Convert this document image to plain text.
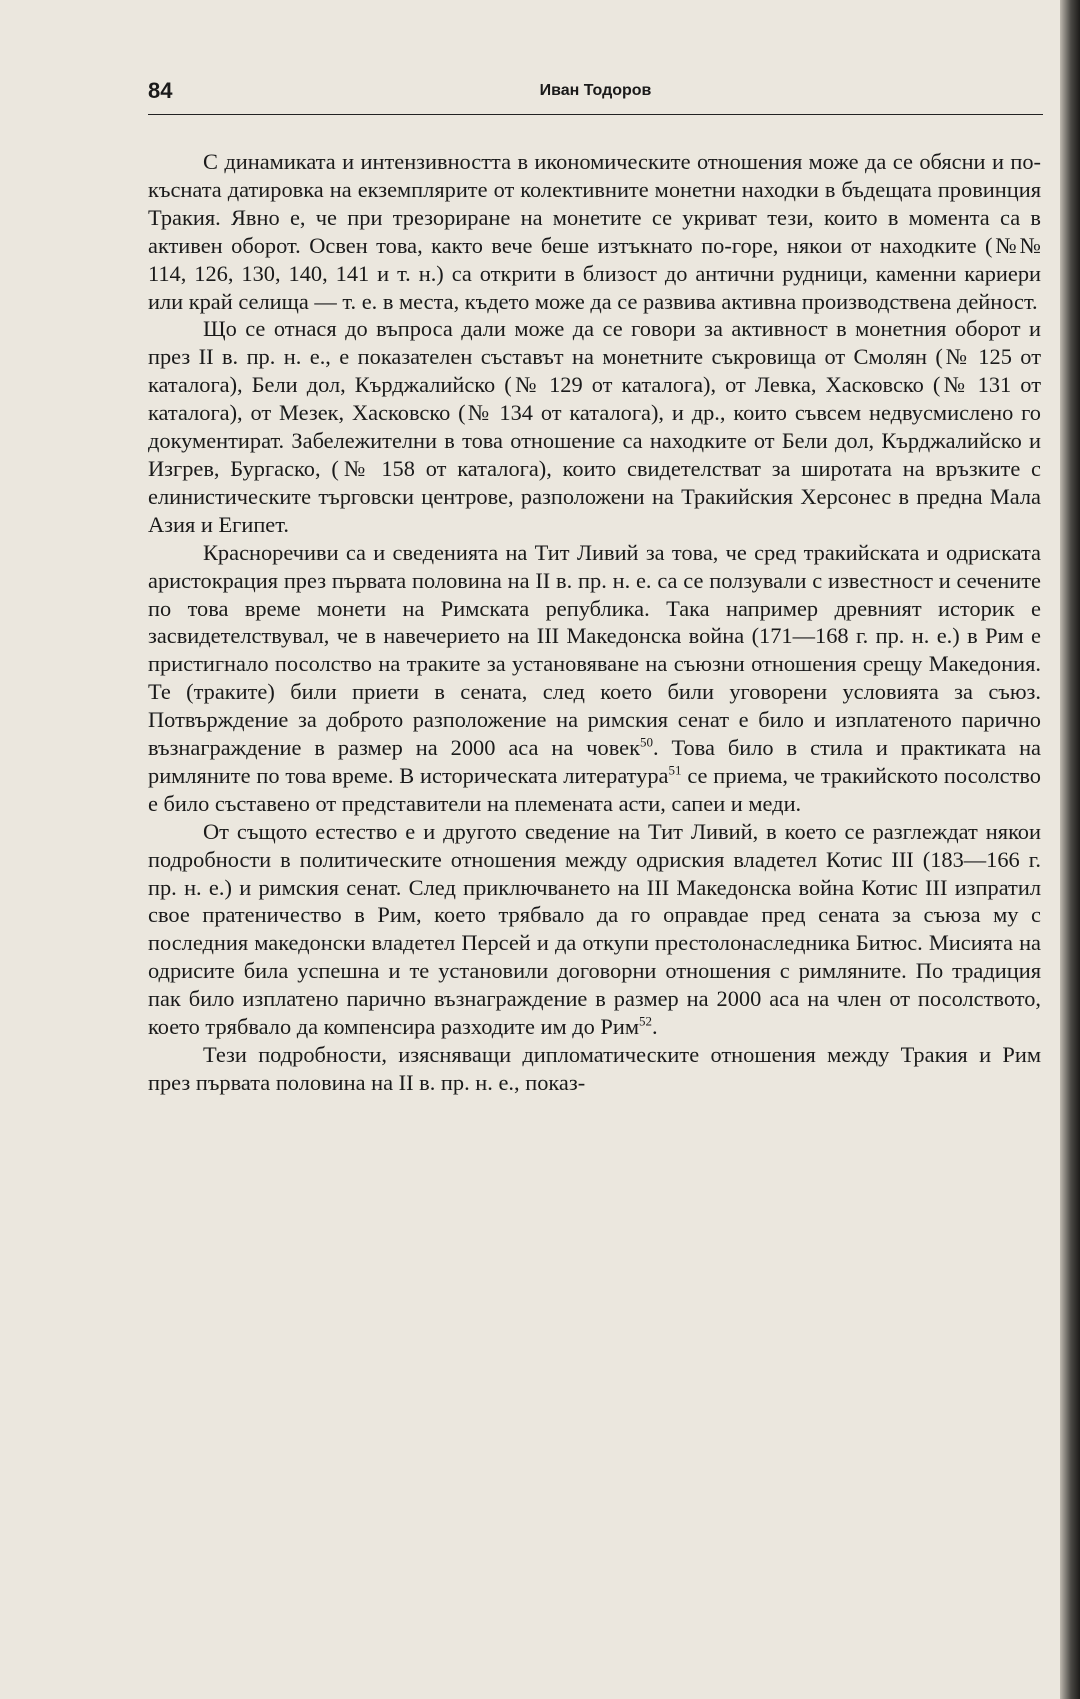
84	Иван Тодоров

С динамиката и интензивността в икономическите отношения може да се обясни и по-късната датировка на екземплярите от колективните монетни находки в бъдещата провинция Тракия. Явно е, че при трезориране на монетите се укриват тези, които в момента са в активен оборот. Освен това, както вече беше изтъкнато по-горе, някои от находките (№№ 114, 126, 130, 140, 141 и т. н.) са открити в близост до антични рудници, каменни кариери или край селища — т. е. в места, където може да се развива активна производствена дейност.

Що се отнася до въпроса дали може да се говори за активност в монетния оборот и през II в. пр. н. е., е показателен съставът на монетните съкровища от Смолян (№ 125 от каталога), Бели дол, Кърджалийско (№ 129 от каталога), от Левка, Хасковско (№ 131 от каталога), от Мезек, Хасковско (№ 134 от каталога), и др., които съвсем недвусмислено го документират. Забележителни в това отношение са находките от Бели дол, Кърджалийско и Изгрев, Бургаско, (№ 158 от каталога), които свидетелстват за широтата на връзките с елинистическите търговски центрове, разположени на Тракийския Херсонес в предна Мала Азия и Египет.

Красноречиви са и сведенията на Тит Ливий за това, че сред тракийската и одриската аристокрация през първата половина на II в. пр. н. е. са се ползували с известност и сечените по това време монети на Римската република. Така например древният историк е засвидетелствувал, че в навечерието на III Македонска война (171—168 г. пр. н. е.) в Рим е пристигнало посолство на траките за установяване на съюзни отношения срещу Македония. Те (траките) били приети в сената, след което били уговорени условията за съюз. Потвърждение за доброто разположение на римския сенат е било и изплатеното парично възнаграждение в размер на 2000 аса на човек$^{50}$. Това било в стила и практиката на римляните по това време. В историческата литература$^{51}$ се приема, че тракийското посолство е било съставено от представители на племената асти, сапеи и меди.

От същото естество е и другото сведение на Тит Ливий, в което се разглеждат някои подробности в политическите отношения между одриския владетел Котис III (183—166 г. пр. н. е.) и римския сенат. След приключването на III Македонска война Котис III изпратил свое пратеничество в Рим, което трябвало да го оправдае пред сената за съюза му с последния македонски владетел Персей и да откупи престолонаследника Битюс. Мисията на одрисите била успешна и те установили договорни отношения с римляните. По традиция пак било изплатено парично възнаграждение в размер на 2000 аса на член от посолството, което трябвало да компенсира разходите им до Рим$^{52}$.

Тези подробности, изясняващи дипломатическите отношения между Тракия и Рим през първата половина на II в. пр. н. е., показ-
